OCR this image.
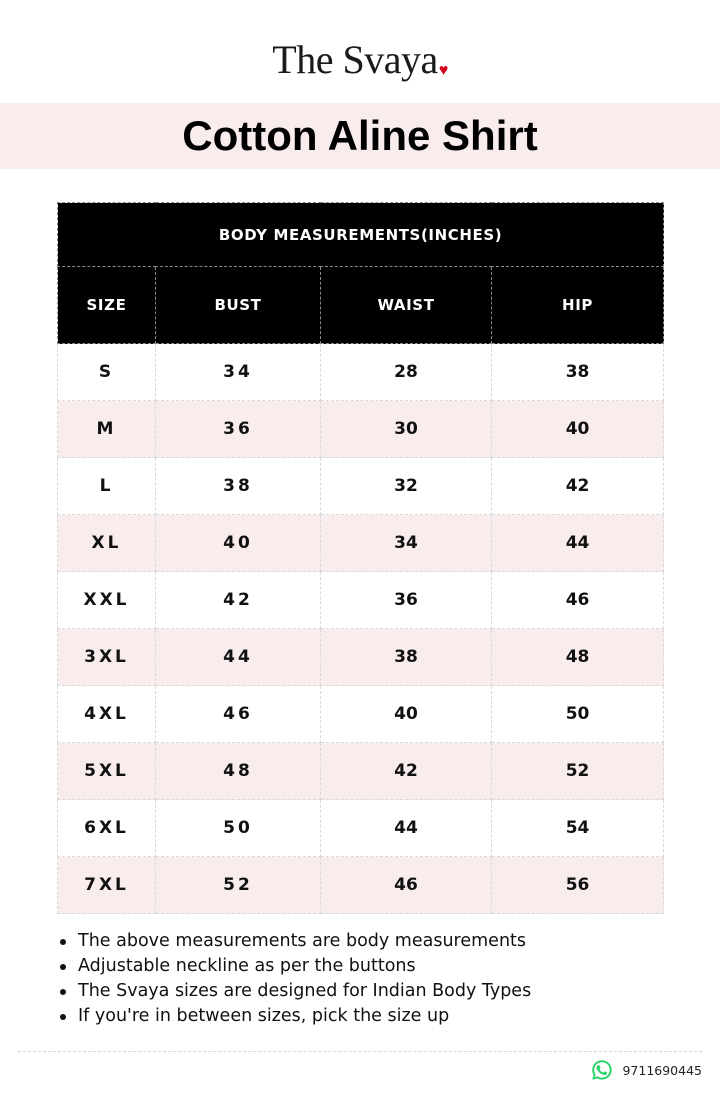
The Svaya♥
Cotton Aline Shirt
BODY MEASUREMENTS(INCHES)			
SIZE	BUST	WAIST	HIP
S	34	28	38
M	36	30	40
L	38	32	42
XL	40	34	44
XXL	42	36	46
3XL	44	38	48
4XL	46	40	50
5XL	48	42	52
6XL	50	44	54
7XL	52	46	56
The above measurements are body measurements
Adjustable neckline as per the buttons
The Svaya sizes are designed for Indian Body Types
If you're in between sizes, pick the size up
9711690445
